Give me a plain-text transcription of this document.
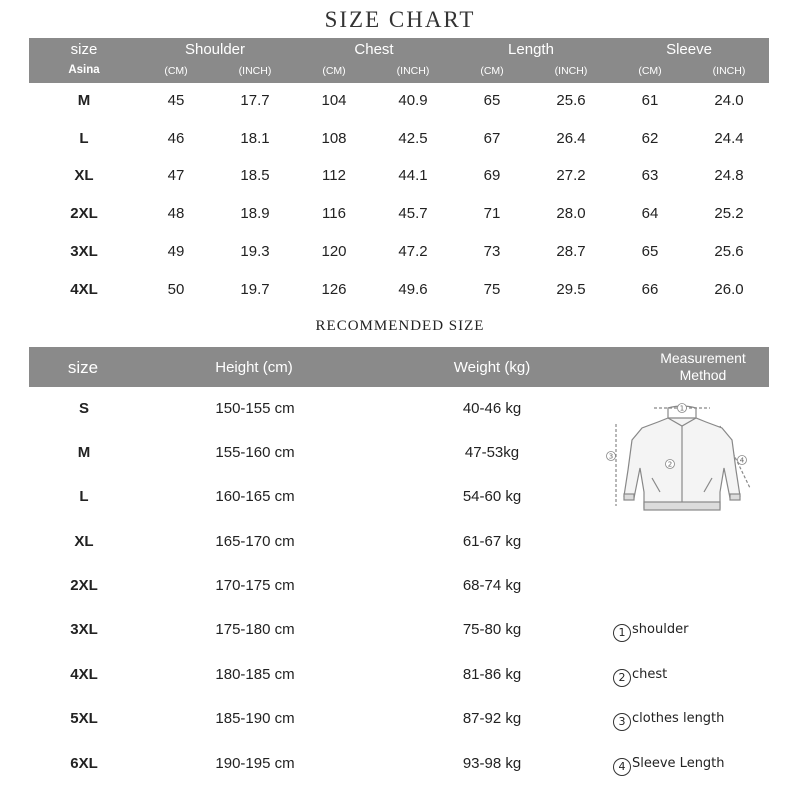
SIZE CHART
size
Asina
Shoulder	Chest	Length	Sleeve
(CM)	(INCH)	(CM)	(INCH)	(CM)	(INCH)	(CM)	(INCH)
M	45	17.7	104	40.9	65	25.6	61	24.0
L	46	18.1	108	42.5	67	26.4	62	24.4
XL	47	18.5	112	44.1	69	27.2	63	24.8
2XL	48	18.9	116	45.7	71	28.0	64	25.2
3XL	49	19.3	120	47.2	73	28.7	65	25.6
4XL	50	19.7	126	49.6	75	29.5	66	26.0
RECOMMENDED SIZE
size	Height (cm)	Weight (kg)
Measurement
Method
S	150-155 cm	40-46 kg
M	155-160 cm	47-53kg
L	160-165 cm	54-60 kg
XL	165-170 cm	61-67 kg
2XL	170-175 cm	68-74 kg
3XL	175-180 cm	75-80 kg
4XL	180-185 cm	81-86 kg
5XL	185-190 cm	87-92 kg
6XL	190-195 cm	93-98 kg
1
2
3	4
1 shoulder
2 chest
3 clothes length
4 Sleeve Length
